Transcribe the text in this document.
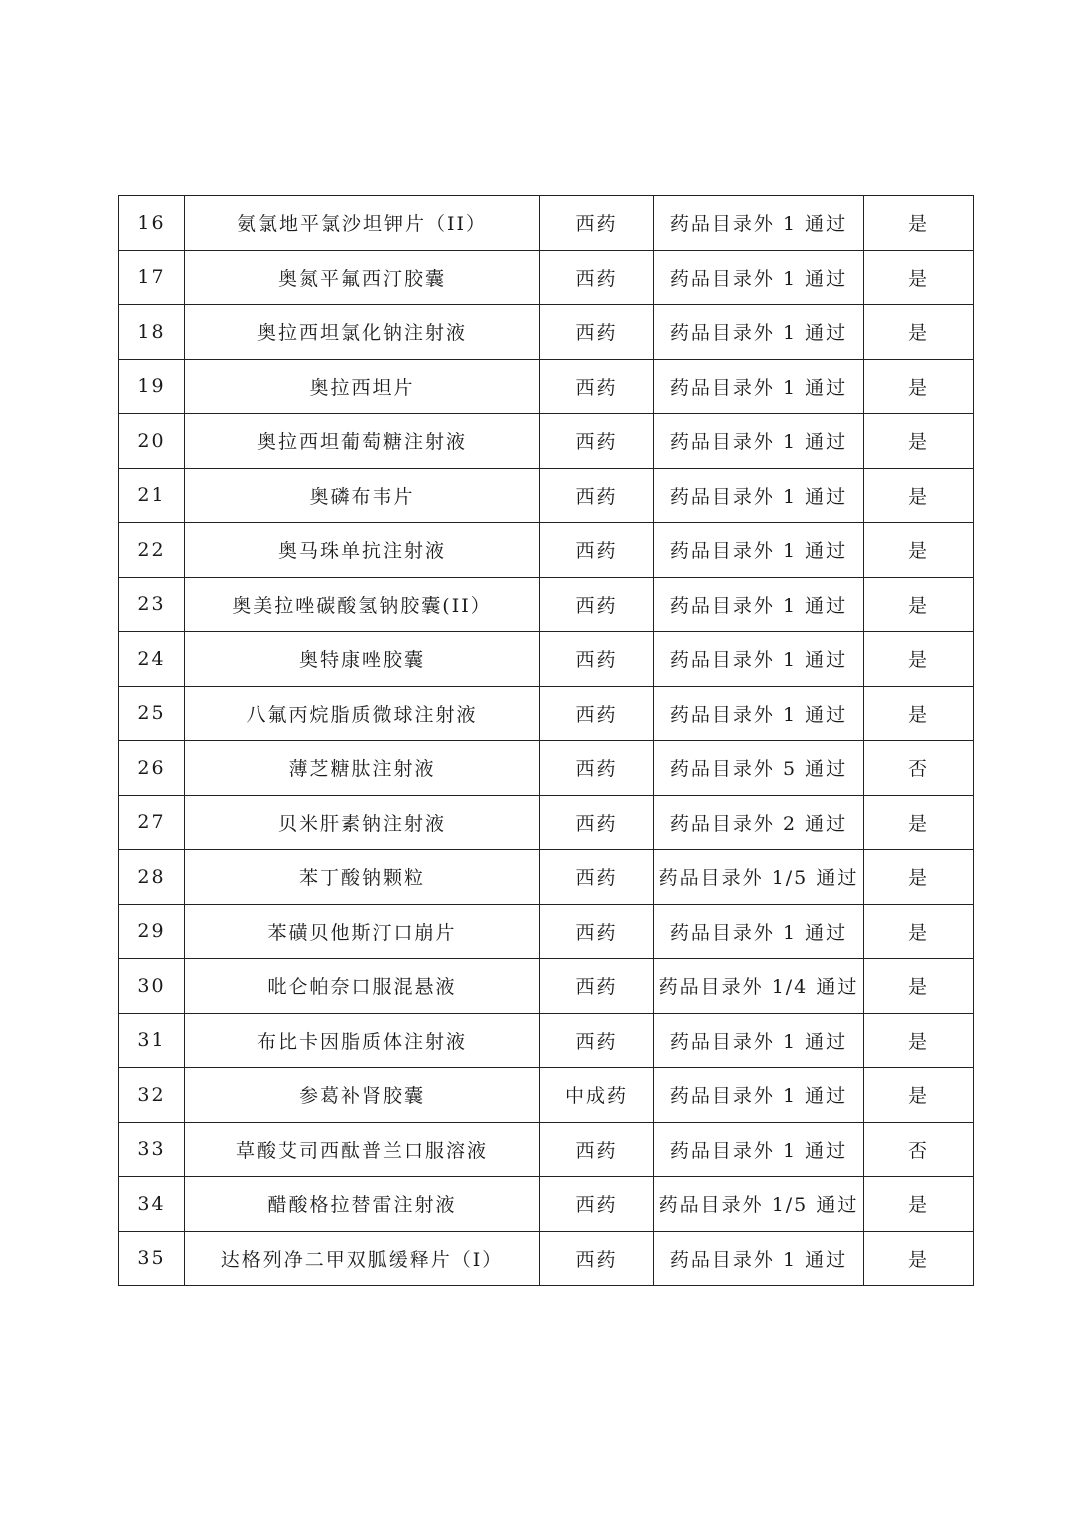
16	氨氯地平氯沙坦钾片（II）	西药	药品目录外 1 通过	是
17	奥氮平氟西汀胶囊	西药	药品目录外 1 通过	是
18	奥拉西坦氯化钠注射液	西药	药品目录外 1 通过	是
19	奥拉西坦片	西药	药品目录外 1 通过	是
20	奥拉西坦葡萄糖注射液	西药	药品目录外 1 通过	是
21	奥磷布韦片	西药	药品目录外 1 通过	是
22	奥马珠单抗注射液	西药	药品目录外 1 通过	是
23	奥美拉唑碳酸氢钠胶囊(II）	西药	药品目录外 1 通过	是
24	奥特康唑胶囊	西药	药品目录外 1 通过	是
25	八氟丙烷脂质微球注射液	西药	药品目录外 1 通过	是
26	薄芝糖肽注射液	西药	药品目录外 5 通过	否
27	贝米肝素钠注射液	西药	药品目录外 2 通过	是
28	苯丁酸钠颗粒	西药	药品目录外 1/5 通过	是
29	苯磺贝他斯汀口崩片	西药	药品目录外 1 通过	是
30	吡仑帕奈口服混悬液	西药	药品目录外 1/4 通过	是
31	布比卡因脂质体注射液	西药	药品目录外 1 通过	是
32	参葛补肾胶囊	中成药	药品目录外 1 通过	是
33	草酸艾司西酞普兰口服溶液	西药	药品目录外 1 通过	否
34	醋酸格拉替雷注射液	西药	药品目录外 1/5 通过	是
35	达格列净二甲双胍缓释片（I）	西药	药品目录外 1 通过	是
